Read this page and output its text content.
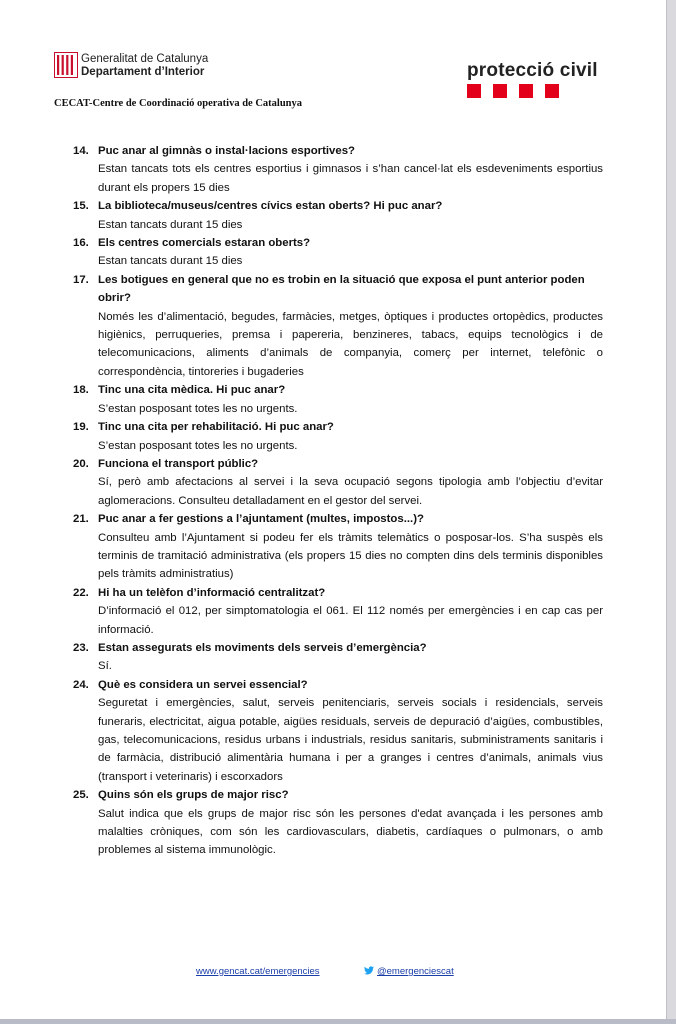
Generalitat de Catalunya
Departament d’Interior	protecció civil
CECAT-Centre de Coordinació operativa de Catalunya
14. Puc anar al gimnàs o instal·lacions esportives?
Estan tancats tots els centres esportius i gimnasos i s’han cancel·lat els esdeveniments esportius durant els propers 15 dies
15. La biblioteca/museus/centres cívics estan oberts? Hi puc anar?
Estan tancats durant 15 dies
16. Els centres comercials estaran oberts?
Estan tancats durant 15 dies
17. Les botigues en general que no es trobin en la situació que exposa el punt anterior poden obrir?
Només les d’alimentació, begudes, farmàcies, metges, òptiques i productes ortopèdics, productes higiènics, perruqueries, premsa i papereria, benzineres, tabacs, equips tecnològics i de telecomunicacions, aliments d’animals de companyia, comerç per internet, telefònic o correspondència, tintoreries i bugaderies
18. Tinc una cita mèdica. Hi puc anar?
S’estan posposant totes les no urgents.
19. Tinc una cita per rehabilitació. Hi puc anar?
S’estan posposant totes les no urgents.
20. Funciona el transport públic?
Sí, però amb afectacions al servei i la seva ocupació segons tipologia amb l’objectiu d’evitar aglomeracions. Consulteu detalladament en el gestor del servei.
21. Puc anar a fer gestions a l’ajuntament (multes, impostos...)?
Consulteu amb l’Ajuntament si podeu fer els tràmits telemàtics o posposar-los. S’ha suspès els terminis de tramitació administrativa (els propers 15 dies no compten dins dels terminis disponibles pels tràmits administratius)
22. Hi ha un telèfon d’informació centralitzat?
D’informació el 012, per simptomatologia el 061. El 112 només per emergències i en cap cas per informació.
23. Estan assegurats els moviments dels serveis d’emergència?
Sí.
24. Què es considera un servei essencial?
Seguretat i emergències, salut, serveis penitenciaris, serveis socials i residencials, serveis funeraris, electricitat, aigua potable, aigües residuals, serveis de depuració d’aigües, combustibles, gas, telecomunicacions, residus urbans i industrials, residus sanitaris, subministraments sanitaris i de farmàcia, distribució alimentària humana i per a granges i centres d’animals, animals vius (transport i veterinaris) i escorxadors
25. Quins són els grups de major risc?
Salut indica que els grups de major risc són les persones d'edat avançada i les persones amb malalties cròniques, com són les cardiovasculars, diabetis, cardíaques o pulmonars, o amb problemes al sistema immunològic.
www.gencat.cat/emergencies	@emergenciescat
